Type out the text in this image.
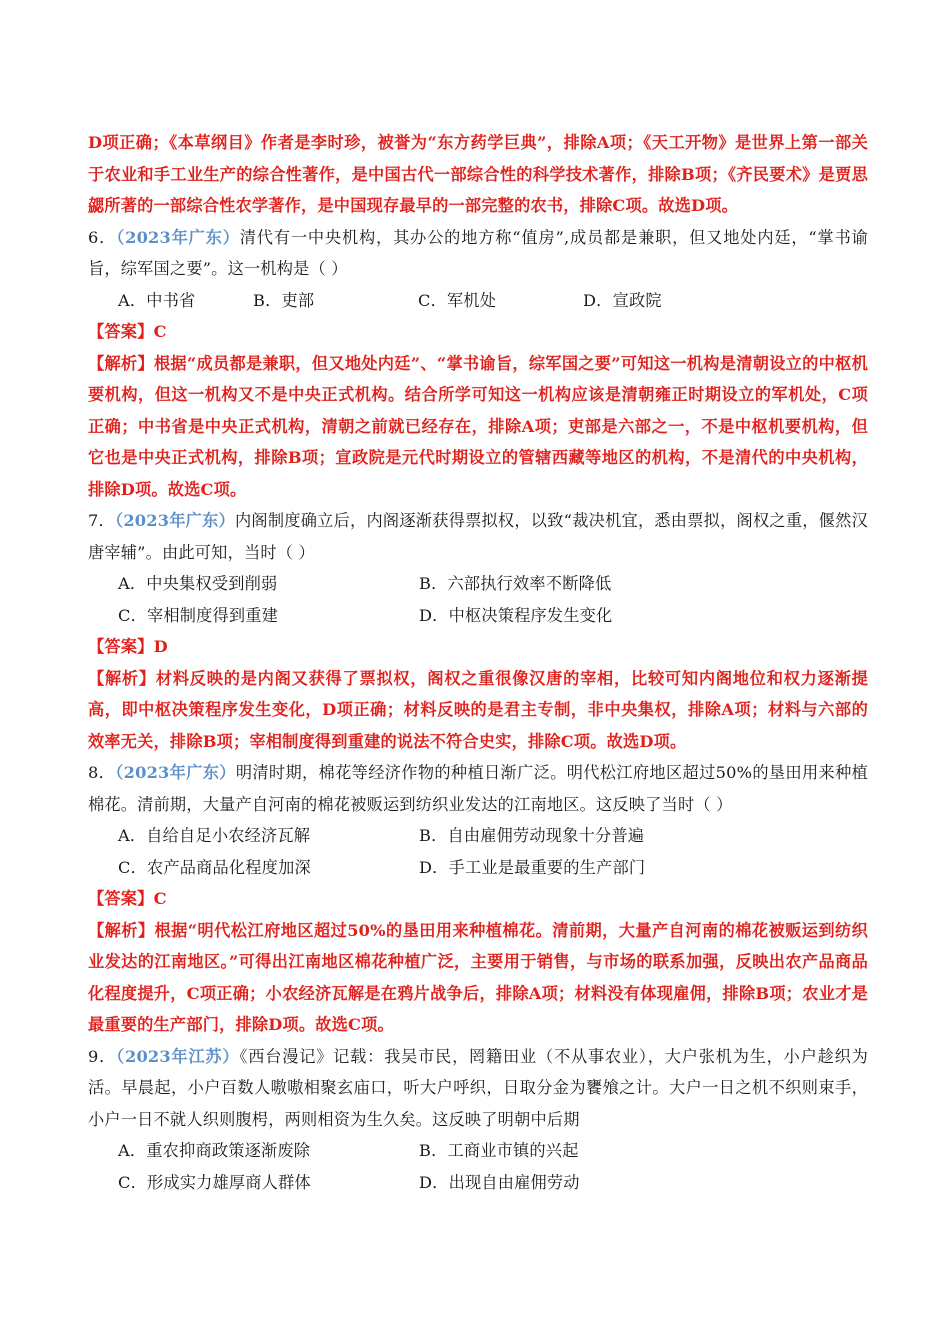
D项正确；《本草纲目》作者是李时珍，被誉为“东方药学巨典”，排除A项；《天工开物》是世界上第一部关于农业和手工业生产的综合性著作，是中国古代一部综合性的科学技术著作，排除B项；《齐民要术》是贾思勰所著的一部综合性农学著作，是中国现存最早的一部完整的农书，排除C项。故选D项。

6．（2023年广东）清代有一中央机构，其办公的地方称“值房”,成员都是兼职，但又地处内廷，“掌书谕旨，综军国之要”。这一机构是（ ）

A．中书省	B．吏部	C．军机处	D．宣政院

【答案】C

【解析】根据“成员都是兼职，但又地处内廷”、“掌书谕旨，综军国之要”可知这一机构是清朝设立的中枢机要机构，但这一机构又不是中央正式机构。结合所学可知这一机构应该是清朝雍正时期设立的军机处，C项正确；中书省是中央正式机构，清朝之前就已经存在，排除A项；吏部是六部之一，不是中枢机要机构，但它也是中央正式机构，排除B项；宣政院是元代时期设立的管辖西藏等地区的机构，不是清代的中央机构，排除D项。故选C项。

7．（2023年广东）内阁制度确立后，内阁逐渐获得票拟权，以致“裁决机宜，悉由票拟，阁权之重，偃然汉唐宰辅”。由此可知，当时（ ）

A．中央集权受到削弱	B．六部执行效率不断降低
C．宰相制度得到重建	D．中枢决策程序发生变化

【答案】D

【解析】材料反映的是内阁又获得了票拟权，阁权之重很像汉唐的宰相，比较可知内阁地位和权力逐渐提高，即中枢决策程序发生变化，D项正确；材料反映的是君主专制，非中央集权，排除A项；材料与六部的效率无关，排除B项；宰相制度得到重建的说法不符合史实，排除C项。故选D项。

8．（2023年广东）明清时期，棉花等经济作物的种植日渐广泛。明代松江府地区超过50%的垦田用来种植棉花。清前期，大量产自河南的棉花被贩运到纺织业发达的江南地区。这反映了当时（ ）

A．自给自足小农经济瓦解	B．自由雇佣劳动现象十分普遍
C．农产品商品化程度加深	D．手工业是最重要的生产部门

【答案】C

【解析】根据“明代松江府地区超过50%的垦田用来种植棉花。清前期，大量产自河南的棉花被贩运到纺织业发达的江南地区。”可得出江南地区棉花种植广泛，主要用于销售，与市场的联系加强，反映出农产品商品化程度提升，C项正确；小农经济瓦解是在鸦片战争后，排除A项；材料没有体现雇佣，排除B项；农业才是最重要的生产部门，排除D项。故选C项。

9．（2023年江苏）《西台漫记》记载：我吴市民，罔籍田业（不从事农业），大户张机为生，小户趁织为活。早晨起，小户百数人嗷嗷相聚玄庙口，听大户呼织，日取分金为饔飧之计。大户一日之机不织则束手，小户一日不就人织则腹枵，两则相资为生久矣。这反映了明朝中后期

A．重农抑商政策逐渐废除	B．工商业市镇的兴起
C．形成实力雄厚商人群体	D．出现自由雇佣劳动
